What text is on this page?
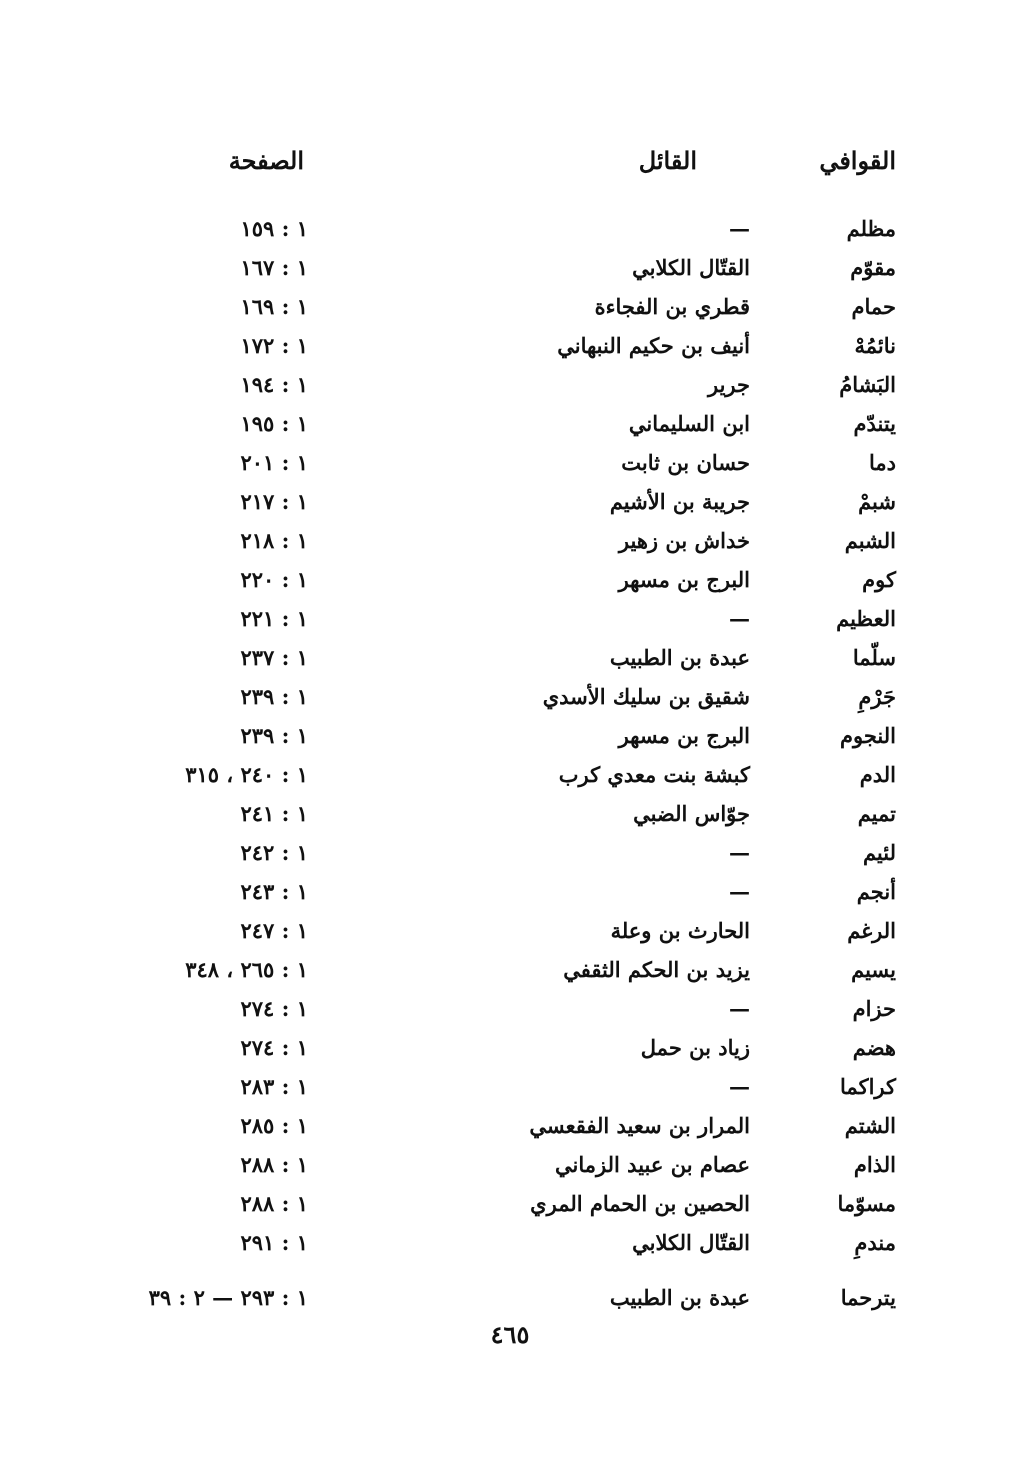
القوافي
القائل
الصفحة
مظلم
—
١ : ١٥٩
مقوّم
القتّال الكلابي
١ : ١٦٧
حمام
قطري بن الفجاءة
١ : ١٦٩
نائمُهْ
أنيف بن حكيم النبهاني
١ : ١٧٢
البَشامُ
جرير
١ : ١٩٤
يتندّم
ابن السليماني
١ : ١٩٥
دما
حسان بن ثابت
١ : ٢٠١
شبمْ
جريبة بن الأشيم
١ : ٢١٧
الشبم
خداش بن زهير
١ : ٢١٨
كوم
البرج بن مسهر
١ : ٢٢٠
العظيم
—
١ : ٢٢١
سلّما
عبدة بن الطبيب
١ : ٢٣٧
جَرْمِ
شقيق بن سليك الأسدي
١ : ٢٣٩
النجوم
البرج بن مسهر
١ : ٢٣٩
الدم
كبشة بنت معدي كرب
١ : ٢٤٠ ، ٣١٥
تميم
جوّاس الضبي
١ : ٢٤١
لئيم
—
١ : ٢٤٢
أنجم
—
١ : ٢٤٣
الرغم
الحارث بن وعلة
١ : ٢٤٧
يسيم
يزيد بن الحكم الثقفي
١ : ٢٦٥ ، ٣٤٨
حزام
—
١ : ٢٧٤
هضم
زياد بن حمل
١ : ٢٧٤
كراكما
—
١ : ٢٨٣
الشتم
المرار بن سعيد الفقعسي
١ : ٢٨٥
الذام
عصام بن عبيد الزماني
١ : ٢٨٨
مسوّما
الحصين بن الحمام المري
١ : ٢٨٨
مندمِ
القتّال الكلابي
١ : ٢٩١
يترحما
عبدة بن الطبيب
١ : ٢٩٣ — ٢ : ٣٩
٤٦٥
